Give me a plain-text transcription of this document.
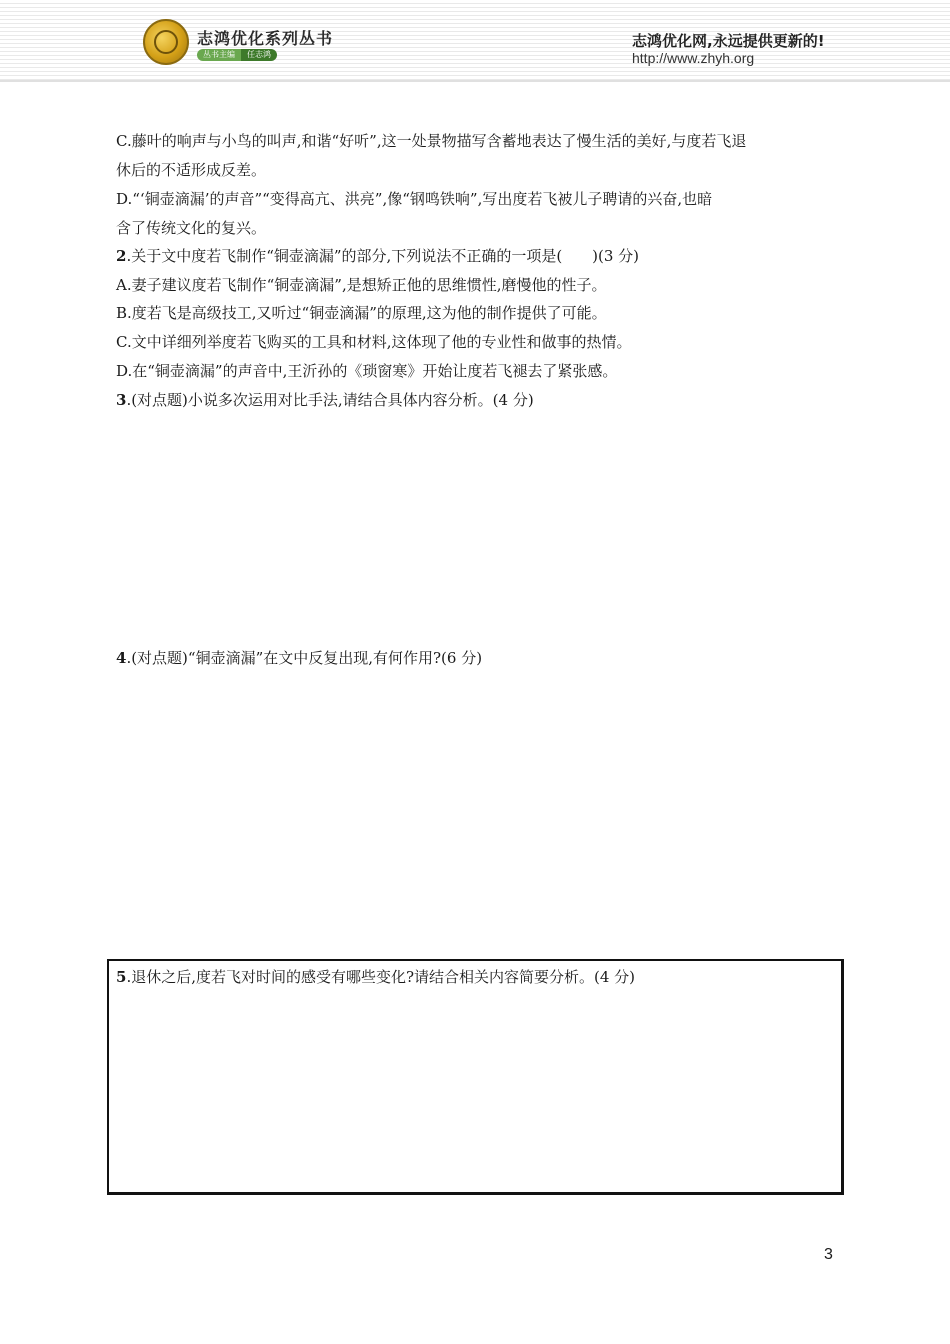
志鸿优化系列丛书
丛书主编	任志鸿
志鸿优化网,永远提供更新的!
http://www.zhyh.org
C.藤叶的响声与小鸟的叫声,和谐“好听”,这一处景物描写含蓄地表达了慢生活的美好,与度若飞退
休后的不适形成反差。
D.“‘铜壶滴漏’的声音”“变得高亢、洪亮”,像“钢鸣铁响”,写出度若飞被儿子聘请的兴奋,也暗
含了传统文化的复兴。
2.关于文中度若飞制作“铜壶滴漏”的部分,下列说法不正确的一项是(　　)(3 分)
A.妻子建议度若飞制作“铜壶滴漏”,是想矫正他的思维惯性,磨慢他的性子。
B.度若飞是高级技工,又听过“铜壶滴漏”的原理,这为他的制作提供了可能。
C.文中详细列举度若飞购买的工具和材料,这体现了他的专业性和做事的热情。
D.在“铜壶滴漏”的声音中,王沂孙的《琐窗寒》开始让度若飞褪去了紧张感。
3.(对点题)小说多次运用对比手法,请结合具体内容分析。(4 分)
4.(对点题)“铜壶滴漏”在文中反复出现,有何作用?(6 分)
5.退休之后,度若飞对时间的感受有哪些变化?请结合相关内容简要分析。(4 分)
3
